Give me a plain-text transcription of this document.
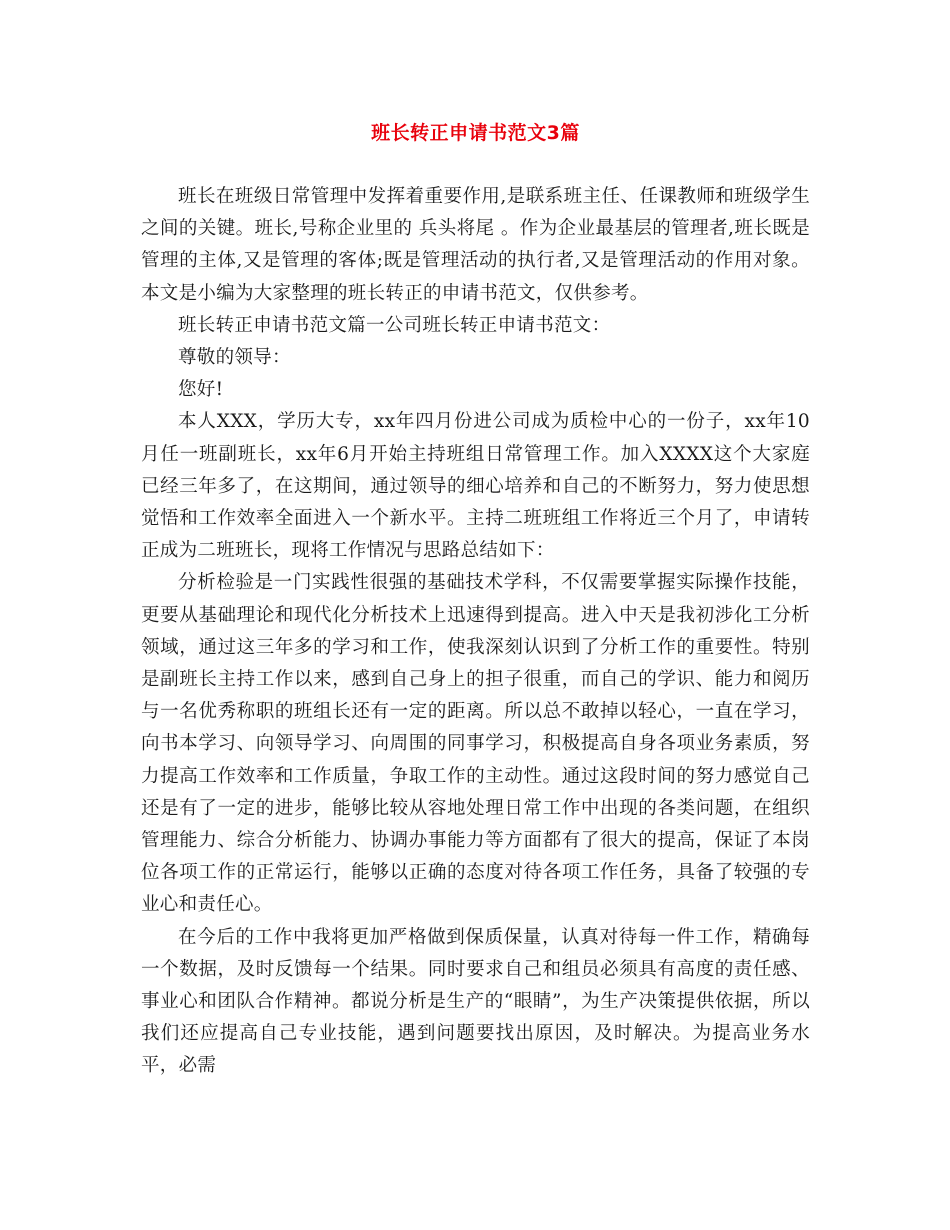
班长转正申请书范文3篇

班长在班级日常管理中发挥着重要作用,是联系班主任、任课教师和班级学生之间的关键。班长,号称企业里的 兵头将尾 。作为企业最基层的管理者,班长既是管理的主体,又是管理的客体;既是管理活动的执行者,又是管理活动的作用对象。本文是小编为大家整理的班长转正的申请书范文，仅供参考。

班长转正申请书范文篇一公司班长转正申请书范文：

尊敬的领导：

您好!

本人XXX，学历大专，xx年四月份进公司成为质检中心的一份子，xx年10月任一班副班长，xx年6月开始主持班组日常管理工作。加入XXXX这个大家庭已经三年多了，在这期间，通过领导的细心培养和自己的不断努力，努力使思想觉悟和工作效率全面进入一个新水平。主持二班班组工作将近三个月了，申请转正成为二班班长，现将工作情况与思路总结如下：

分析检验是一门实践性很强的基础技术学科，不仅需要掌握实际操作技能，更要从基础理论和现代化分析技术上迅速得到提高。进入中天是我初涉化工分析领域，通过这三年多的学习和工作，使我深刻认识到了分析工作的重要性。特别是副班长主持工作以来，感到自己身上的担子很重，而自己的学识、能力和阅历与一名优秀称职的班组长还有一定的距离。所以总不敢掉以轻心，一直在学习，向书本学习、向领导学习、向周围的同事学习，积极提高自身各项业务素质，努力提高工作效率和工作质量，争取工作的主动性。通过这段时间的努力感觉自己还是有了一定的进步，能够比较从容地处理日常工作中出现的各类问题，在组织管理能力、综合分析能力、协调办事能力等方面都有了很大的提高，保证了本岗位各项工作的正常运行，能够以正确的态度对待各项工作任务，具备了较强的专业心和责任心。

在今后的工作中我将更加严格做到保质保量，认真对待每一件工作，精确每一个数据，及时反馈每一个结果。同时要求自己和组员必须具有高度的责任感、事业心和团队合作精神。都说分析是生产的“眼睛”，为生产决策提供依据，所以我们还应提高自己专业技能，遇到问题要找出原因，及时解决。为提高业务水平，必需
